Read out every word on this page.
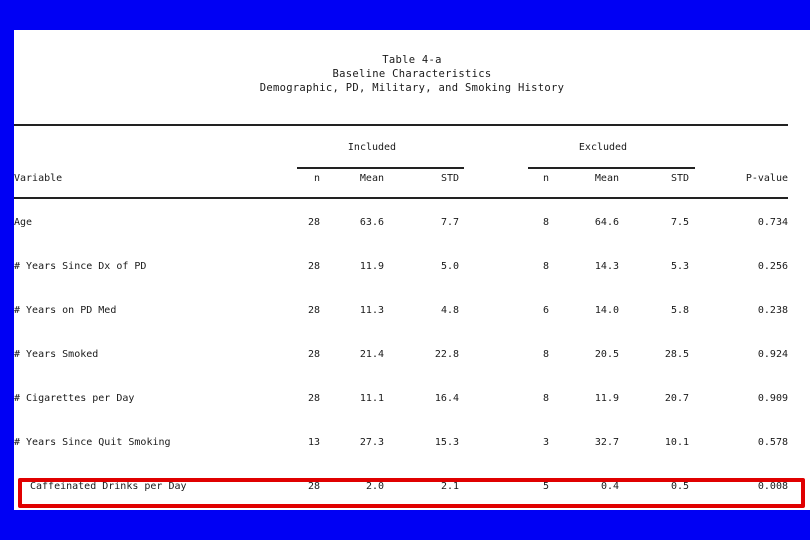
Table 4-a
Baseline Characteristics
Demographic, PD, Military, and Smoking History
Included	Excluded
Variable	n	Mean	STD	n	Mean	STD	P-value
Age	28	63.6	7.7	8	64.6	7.5	0.734
# Years Since Dx of PD	28	11.9	5.0	8	14.3	5.3	0.256
# Years on PD Med	28	11.3	4.8	6	14.0	5.8	0.238
# Years Smoked	28	21.4	22.8	8	20.5	28.5	0.924
# Cigarettes per Day	28	11.1	16.4	8	11.9	20.7	0.909
# Years Since Quit Smoking	13	27.3	15.3	3	32.7	10.1	0.578
Caffeinated Drinks per Day	28	2.0	2.1	5	0.4	0.5	0.008
